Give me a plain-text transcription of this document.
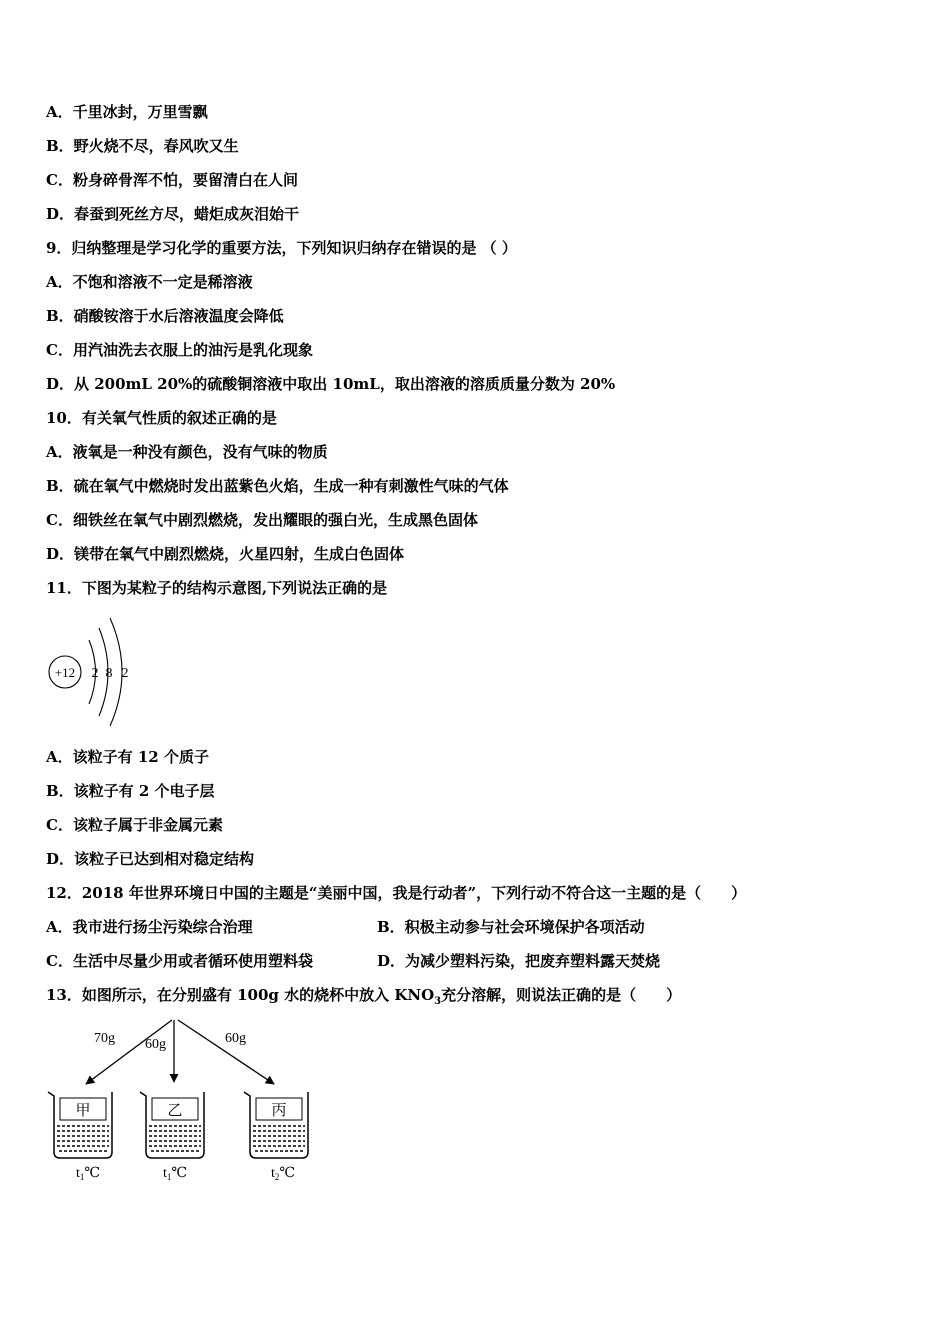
A．千里冰封，万里雪飘
B．野火烧不尽，春风吹又生
C．粉身碎骨浑不怕，要留清白在人间
D．春蚕到死丝方尽，蜡炬成灰泪始干
9．归纳整理是学习化学的重要方法，下列知识归纳存在错误的是 （ ）
A．不饱和溶液不一定是稀溶液
B．硝酸铵溶于水后溶液温度会降低
C．用汽油洗去衣服上的油污是乳化现象
D．从 200mL 20%的硫酸铜溶液中取出 10mL，取出溶液的溶质质量分数为 20%
10．有关氧气性质的叙述正确的是
A．液氧是一种没有颜色，没有气味的物质
B．硫在氧气中燃烧时发出蓝紫色火焰，生成一种有刺激性气味的气体
C．细铁丝在氧气中剧烈燃烧，发出耀眼的强白光，生成黑色固体
D．镁带在氧气中剧烈燃烧，火星四射，生成白色固体
11．下图为某粒子的结构示意图,下列说法正确的是
+12 2 8 2
A．该粒子有 12 个质子
B．该粒子有 2 个电子层
C．该粒子属于非金属元素
D．该粒子已达到相对稳定结构
12．2018 年世界环境日中国的主题是“美丽中国，我是行动者”，下列行动不符合这一主题的是（　　）
A．我市进行扬尘污染综合治理	B．积极主动参与社会环境保护各项活动
C．生活中尽量少用或者循环使用塑料袋	D．为减少塑料污染，把废弃塑料露天焚烧
13．如图所示，在分别盛有 100g 水的烧杯中放入 $KNO_3$充分溶解，则说法正确的是（　　）
70g 60g	60g
甲
$t_1℃$
乙
$t_1℃$
丙
$t_2℃$
